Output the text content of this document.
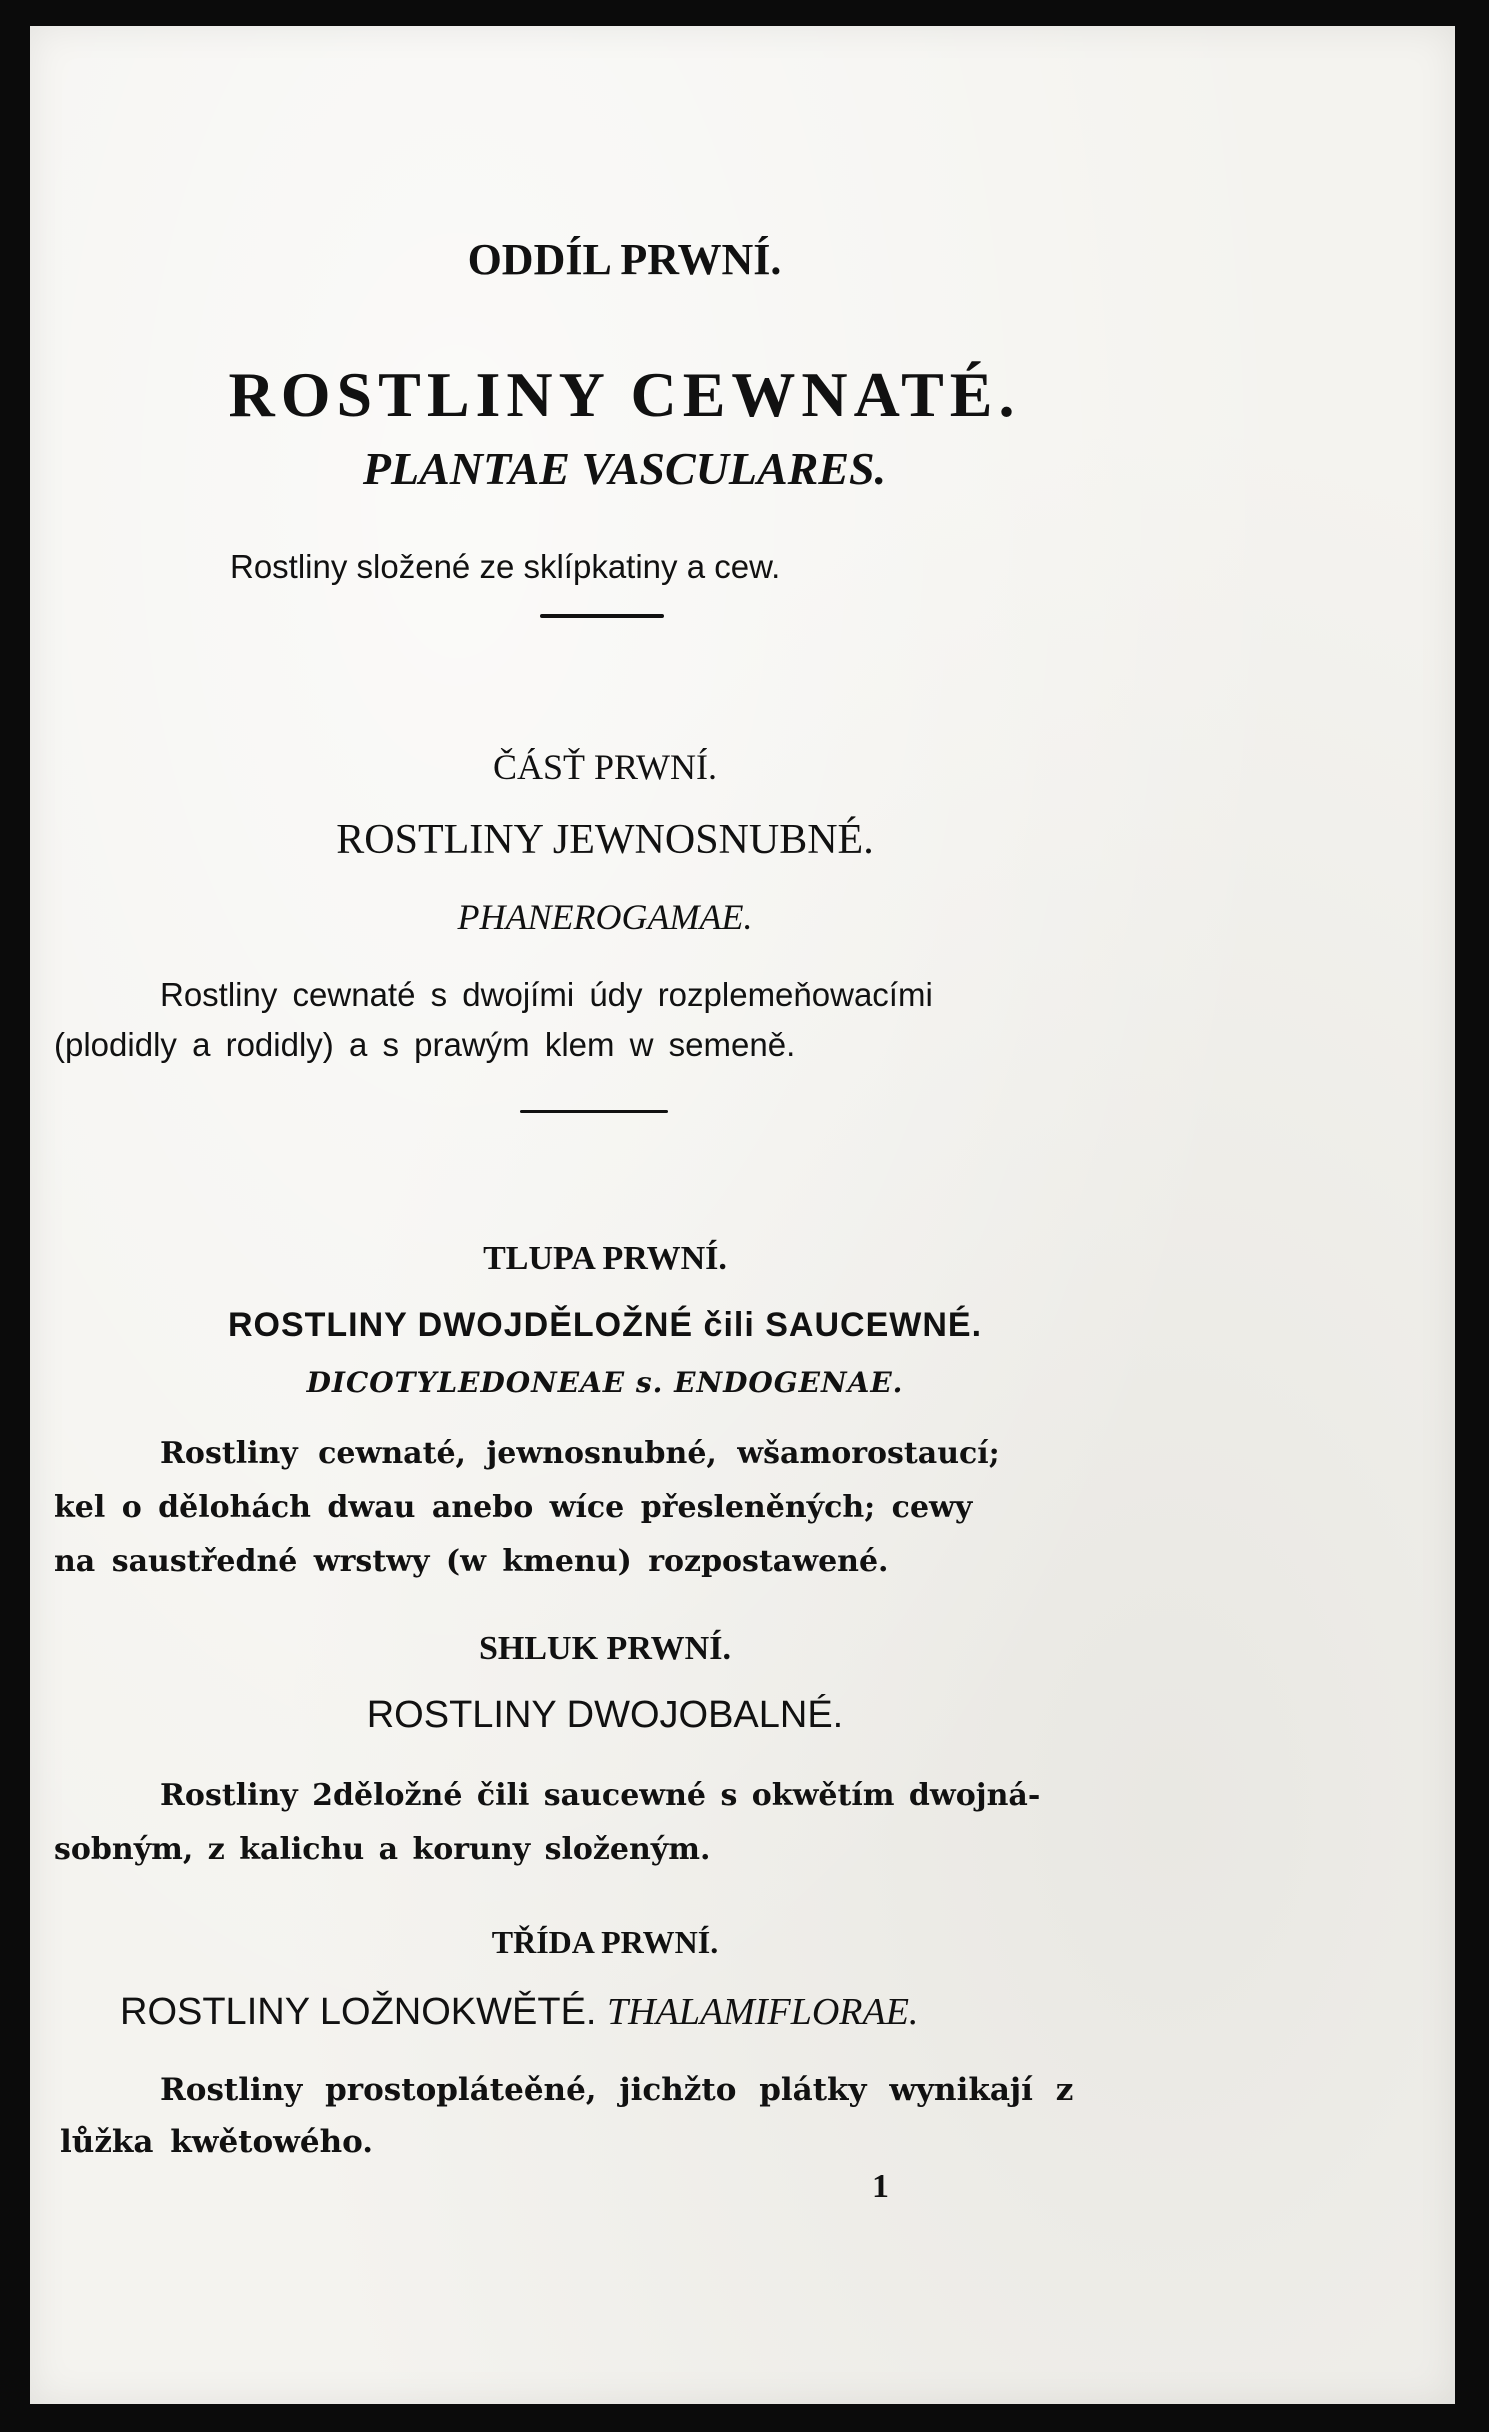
ODDÍL PRWNÍ.
ROSTLINY CEWNATÉ.
PLANTAE VASCULARES.
Rostliny složené ze sklípkatiny a cew.
ČÁSŤ PRWNÍ.
ROSTLINY JEWNOSNUBNÉ.
PHANEROGAMAE.
Rostliny cewnaté s dwojími údy rozplemeňowacími
(plodidly a rodidly) a s prawým klem w semeně.
TLUPA PRWNÍ.
ROSTLINY DWOJDĚLOŽNÉ čili SAUCEWNÉ.
DICOTYLEDONEAE s. ENDOGENAE.
Rostliny cewnaté, jewnosnubné, wšamorostaucí;
kel o dělohách dwau anebo wíce přesleněných; cewy
na saustředné wrstwy (w kmenu) rozpostawené.
SHLUK PRWNÍ.
ROSTLINY DWOJOBALNÉ.
Rostliny 2děložné čili saucewné s okwětím dwojná-
sobným, z kalichu a koruny složeným.
TŘÍDA PRWNÍ.
ROSTLINY LOŽNOKWĚTÉ. THALAMIFLORAE.
Rostliny prostopláteěné, jichžto plátky wynikají z
lůžka kwětowého.
1
